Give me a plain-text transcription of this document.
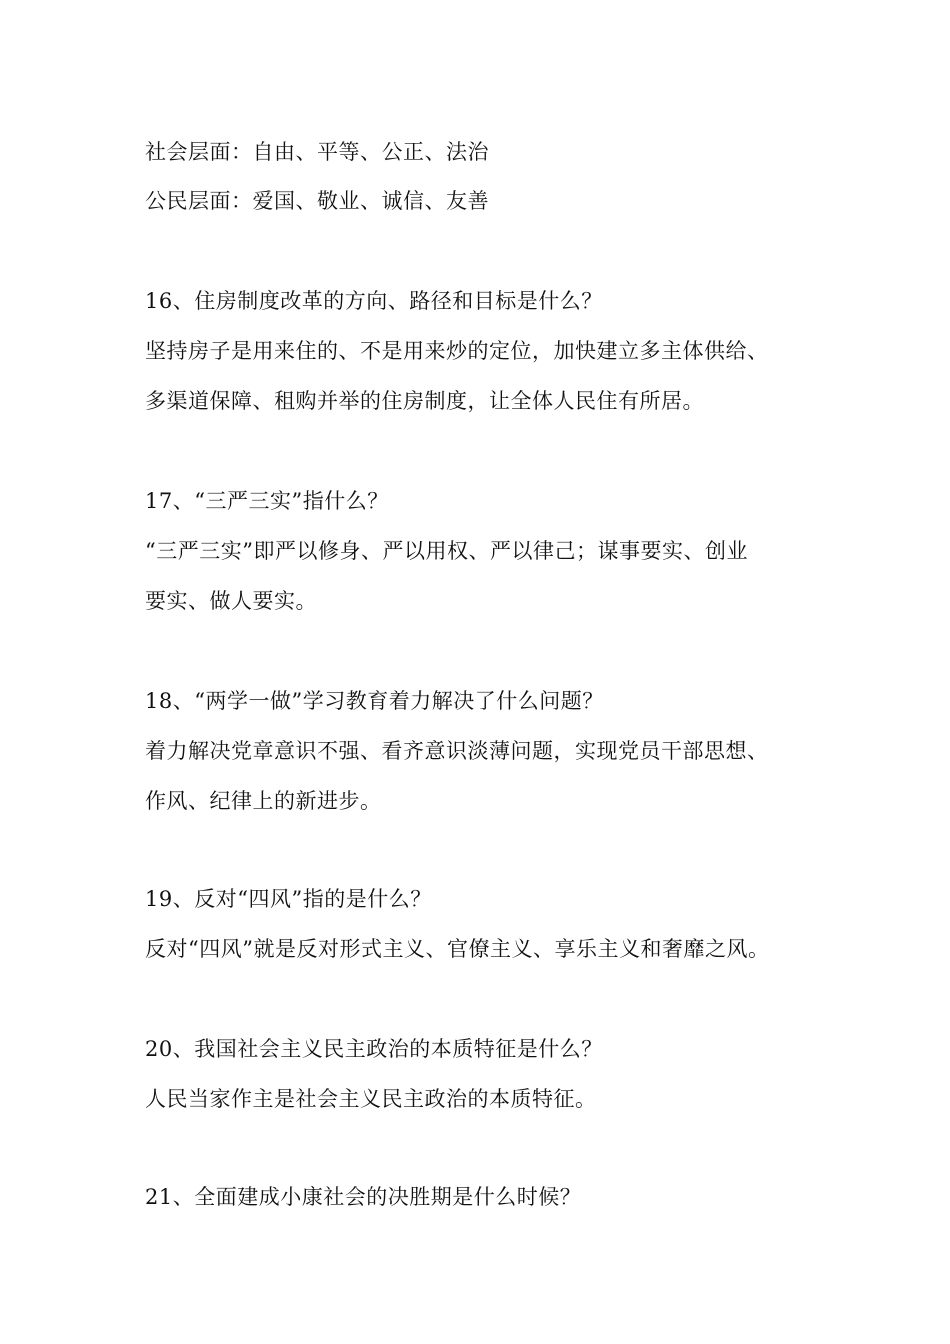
社会层面：自由、平等、公正、法治
公民层面：爱国、敬业、诚信、友善
16、住房制度改革的方向、路径和目标是什么？
坚持房子是用来住的、不是用来炒的定位，加快建立多主体供给、
多渠道保障、租购并举的住房制度，让全体人民住有所居。
17、“三严三实”指什么？
“三严三实”即严以修身、严以用权、严以律己；谋事要实、创业
要实、做人要实。
18、“两学一做”学习教育着力解决了什么问题？
着力解决党章意识不强、看齐意识淡薄问题，实现党员干部思想、
作风、纪律上的新进步。
19、反对“四风”指的是什么？
反对“四风”就是反对形式主义、官僚主义、享乐主义和奢靡之风。
20、我国社会主义民主政治的本质特征是什么？
人民当家作主是社会主义民主政治的本质特征。
21、全面建成小康社会的决胜期是什么时候？
